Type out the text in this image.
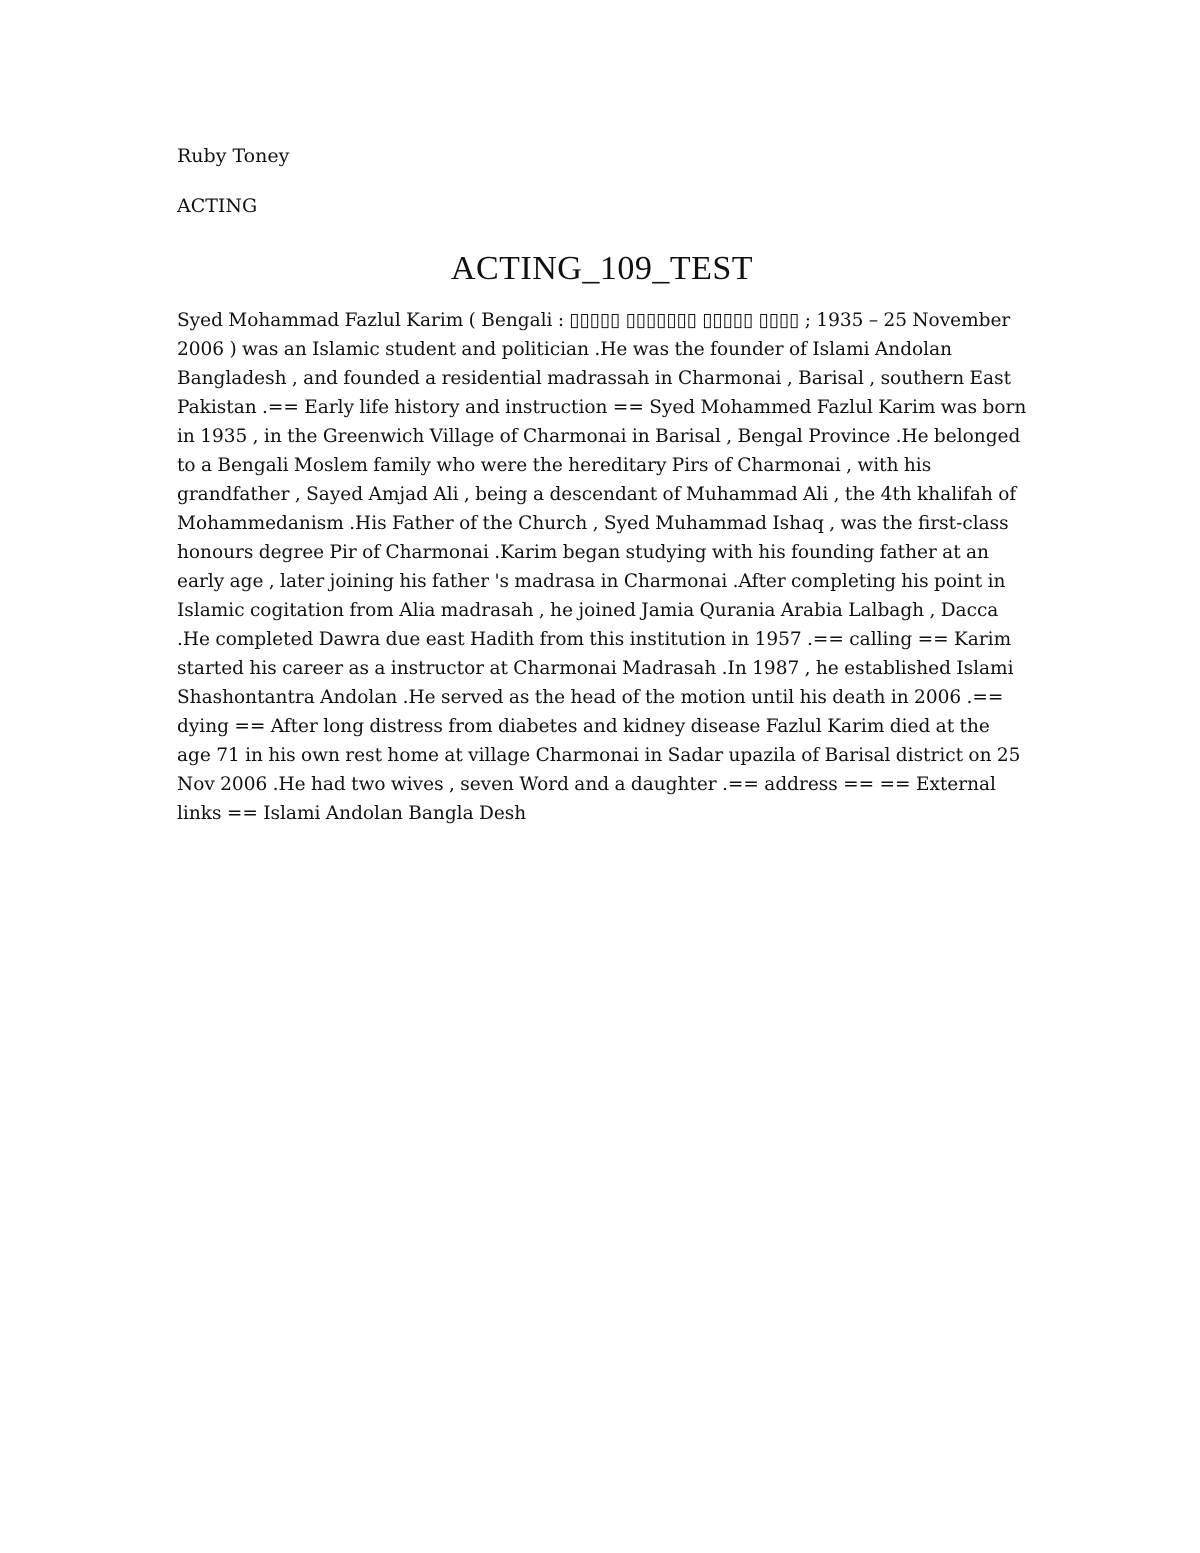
Ruby Toney

ACTING

ACTING_109_TEST

Syed Mohammad Fazlul Karim ( Bengali : ▯▯▯▯▯ ▯▯▯▯▯▯▯ ▯▯▯▯▯ ▯▯▯▯ ; 1935 – 25 November 2006 ) was an Islamic student and politician .He was the founder of Islami Andolan Bangladesh , and founded a residential madrassah in Charmonai , Barisal , southern East Pakistan .== Early life history and instruction == Syed Mohammed Fazlul Karim was born in 1935 , in the Greenwich Village of Charmonai in Barisal , Bengal Province .He belonged to a Bengali Moslem family who were the hereditary Pirs of Charmonai , with his grandfather , Sayed Amjad Ali , being a descendant of Muhammad Ali , the 4th khalifah of Mohammedanism .His Father of the Church , Syed Muhammad Ishaq , was the first-class honours degree Pir of Charmonai .Karim began studying with his founding father at an early age , later joining his father 's madrasa in Charmonai .After completing his point in Islamic cogitation from Alia madrasah , he joined Jamia Qurania Arabia Lalbagh , Dacca .He completed Dawra due east Hadith from this institution in 1957 .== calling == Karim started his career as a instructor at Charmonai Madrasah .In 1987 , he established Islami Shashontantra Andolan .He served as the head of the motion until his death in 2006 .== dying == After long distress from diabetes and kidney disease Fazlul Karim died at the age 71 in his own rest home at village Charmonai in Sadar upazila of Barisal district on 25 Nov 2006 .He had two wives , seven Word and a daughter .== address == == External links == Islami Andolan Bangla Desh
